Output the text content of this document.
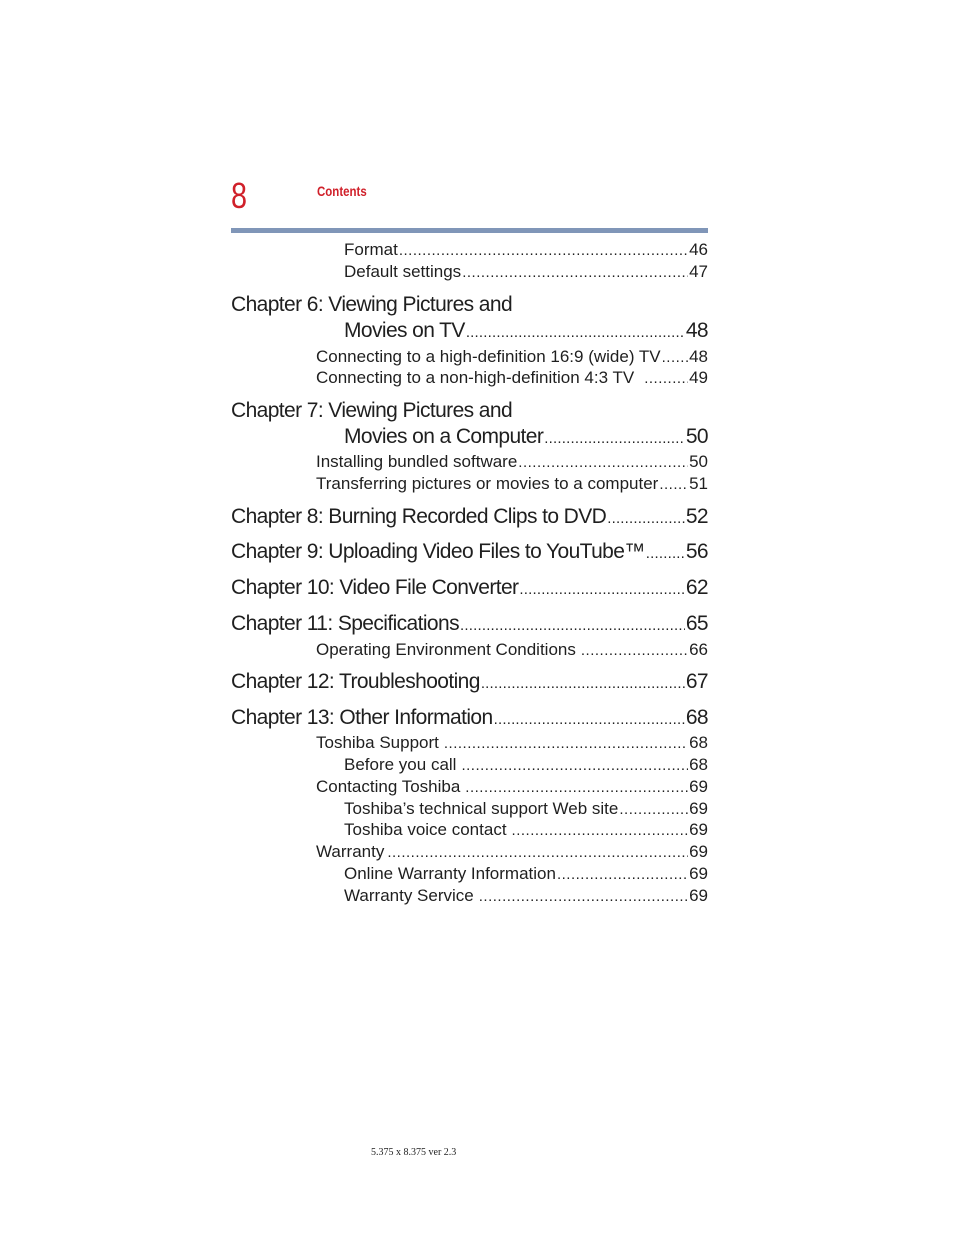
8	Contents
Format .....	46
Default settings .....	47
Chapter 6: Viewing Pictures and
Movies on TV .....	48
Connecting to a high-definition 16:9 (wide) TV ..... 48
Connecting to a non-high-definition 4:3 TV .....	49
Chapter 7: Viewing Pictures and
Movies on a Computer .....	50
Installing bundled software .....	50
Transferring pictures or movies to a computer ..... 51
Chapter 8: Burning Recorded Clips to DVD .....	52
Chapter 9: Uploading Video Files to YouTube™ ..... 56
Chapter 10: Video File Converter .....	62
Chapter 11: Specifications .....	65
Operating Environment Conditions .....	66
Chapter 12: Troubleshooting .....	67
Chapter 13: Other Information .....	68
Toshiba Support .....	68
Before you call .....	68
Contacting Toshiba .....	69
Toshiba’s technical support Web site .....	69
Toshiba voice contact .....	69
Warranty .....	69
Online Warranty Information .....	69
Warranty Service .....	69
5.375 x 8.375 ver 2.3
